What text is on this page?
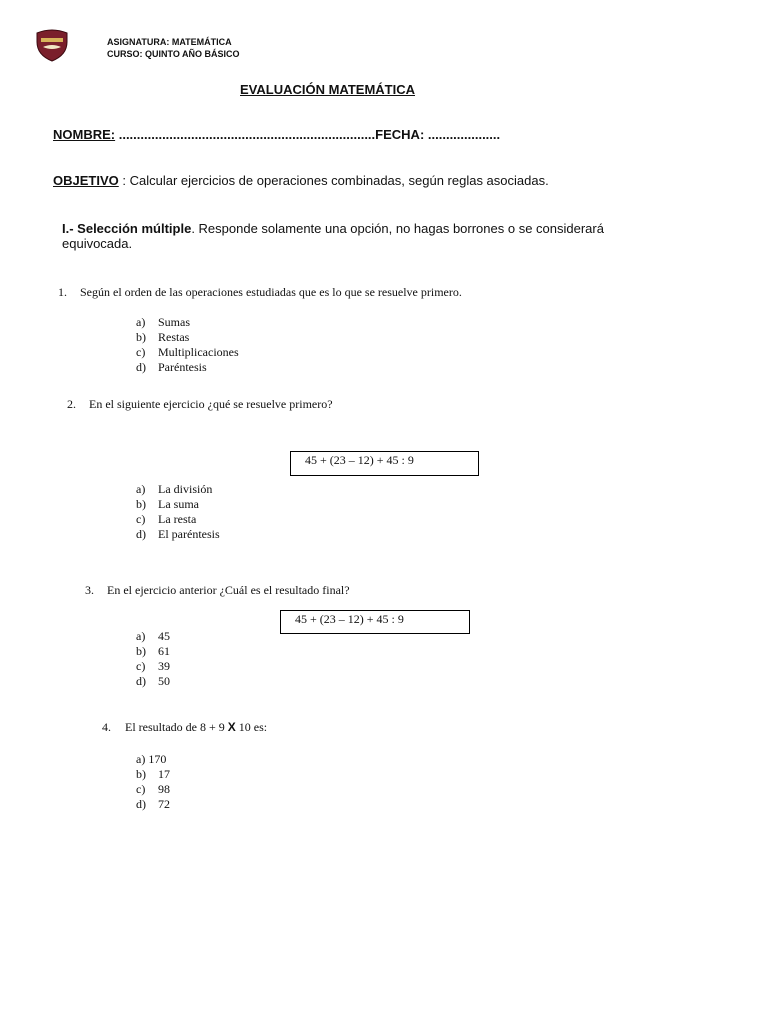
ASIGNATURA: MATEMÁTICA
CURSO: QUINTO AÑO BÁSICO
EVALUACIÓN MATEMÁTICA
NOMBRE: .......................................................................FECHA: ....................
OBJETIVO : Calcular ejercicios de operaciones combinadas, según reglas asociadas.
I.- Selección múltiple. Responde solamente una opción, no hagas borrones o se considerará equivocada.
1. Según el orden de las operaciones estudiadas que es lo que se resuelve primero.
a) Sumas
b) Restas
c) Multiplicaciones
d) Paréntesis
2. En el siguiente ejercicio ¿qué se resuelve primero?
45 + (23 – 12) + 45 : 9
a) La división
b) La suma
c) La resta
d) El paréntesis
3. En el ejercicio anterior ¿Cuál es el resultado final?
45 + (23 – 12) + 45 : 9
a) 45
b) 61
c) 39
d) 50
4. El resultado de 8 + 9 X 10 es:
a) 170
b) 17
c) 98
d) 72
